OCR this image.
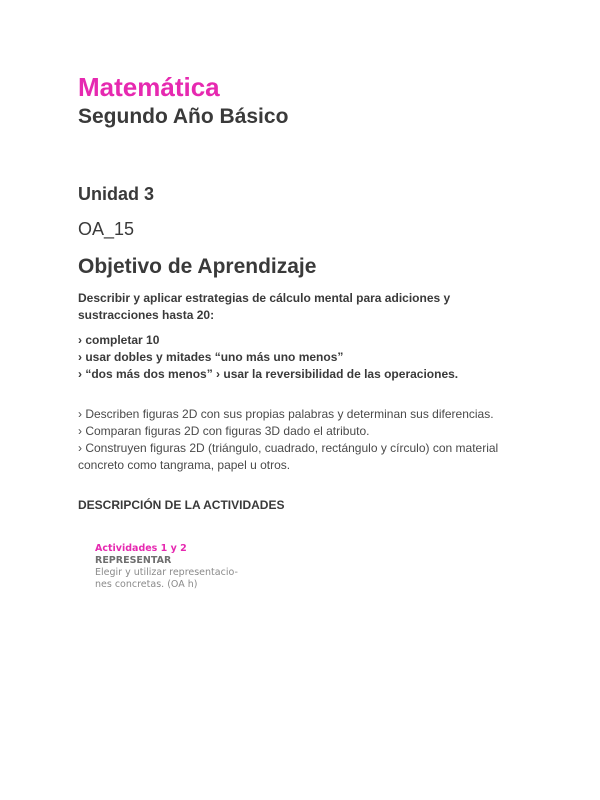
Matemática
Segundo Año Básico
Unidad 3
OA_15
Objetivo de Aprendizaje

Describir y aplicar estrategias de cálculo mental para adiciones y sustracciones hasta 20:

› completar 10
› usar dobles y mitades “uno más uno menos”
› “dos más dos menos” › usar la reversibilidad de las operaciones.
› Describen figuras 2D con sus propias palabras y determinan sus diferencias.
› Comparan figuras 2D con figuras 3D dado el atributo.
› Construyen figuras 2D (triángulo, cuadrado, rectángulo y círculo) con material concreto como tangrama, papel u otros.
DESCRIPCIÓN DE LA ACTIVIDADES
Actividades 1 y 2
REPRESENTAR
Elegir y utilizar representacio-
nes concretas. (OA h)
